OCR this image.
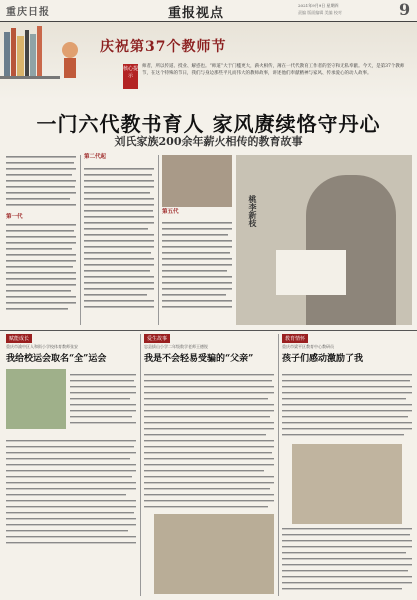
重庆日报	重报视点
2021年9月9日 星期四
责编 版面编辑 美编 校对	9
庆祝第37个教师节
核心提示
师者，所以传道、授业、解惑也。“师道”大于门槛更大，薪火相传，薄在一代代教育工作者的坚守和无私奉献。今天，是第37个教师节，在这个特殊的节日，我们与身边那些平凡而伟大的教师故事，讲述他们奉献精神与家风、传承爱心的动人故事。
一门六代教书育人 家风赓续恪守丹心
刘氏家族200余年薪火相传的教育故事
第一代
第二代起
第五代	桃李新枝
赋能成长
重庆市渝中区人和街小学校体育教师张安
我给校运会取名“全”运会
爱生故事
忠县拔山小学二年级数学老师王德锐
我是不会轻易受骗的“父亲”
教育情怀
重庆市梁平区教育中心教研员
孩子们感动激励了我
